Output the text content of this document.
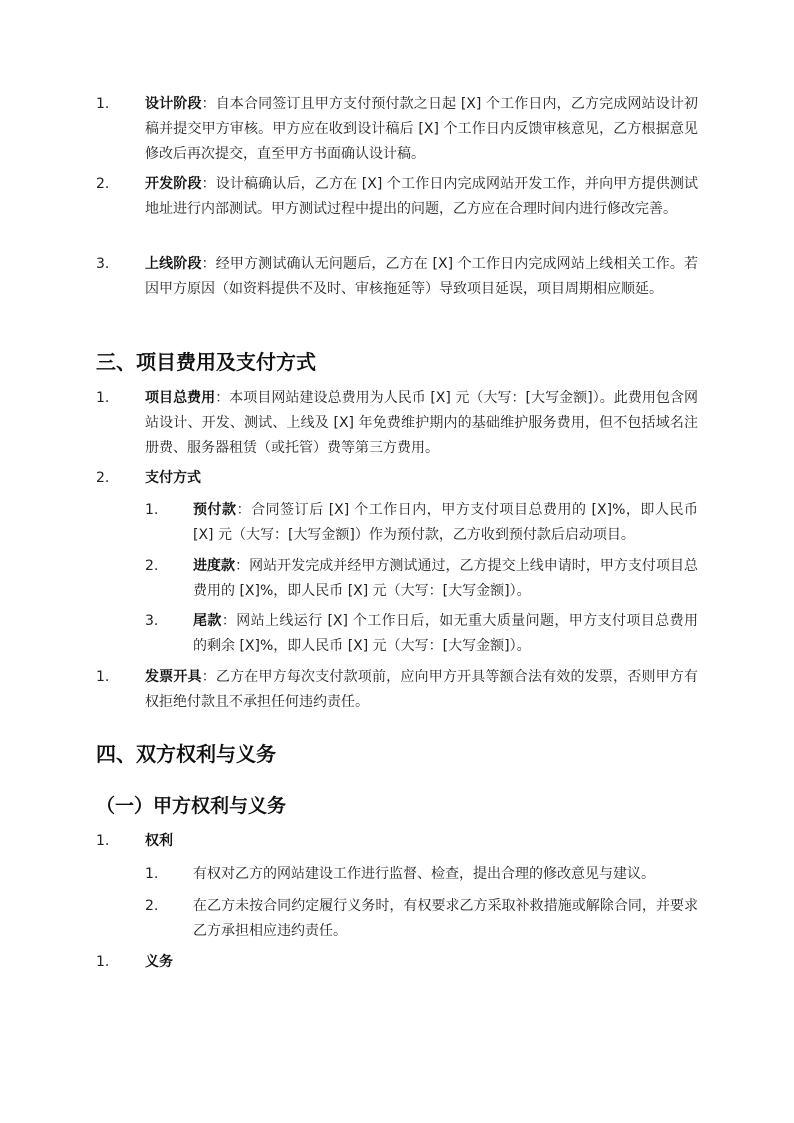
1.	设计阶段：自本合同签订且甲方支付预付款之日起 [X] 个工作日内，乙方完成网站设计初稿并提交甲方审核。甲方应在收到设计稿后 [X] 个工作日内反馈审核意见，乙方根据意见修改后再次提交，直至甲方书面确认设计稿。
2.	开发阶段：设计稿确认后，乙方在 [X] 个工作日内完成网站开发工作，并向甲方提供测试地址进行内部测试。甲方测试过程中提出的问题，乙方应在合理时间内进行修改完善。
3.	上线阶段：经甲方测试确认无问题后，乙方在 [X] 个工作日内完成网站上线相关工作。若因甲方原因（如资料提供不及时、审核拖延等）导致项目延误，项目周期相应顺延。
三、项目费用及支付方式
1.	项目总费用：本项目网站建设总费用为人民币 [X] 元（大写：[大写金额]）。此费用包含网站设计、开发、测试、上线及 [X] 年免费维护期内的基础维护服务费用，但不包括域名注册费、服务器租赁（或托管）费等第三方费用。
2.	支付方式
1. 预付款：合同签订后 [X] 个工作日内，甲方支付项目总费用的 [X]%，即人民币 [X] 元（大写：[大写金额]）作为预付款，乙方收到预付款后启动项目。
2. 进度款：网站开发完成并经甲方测试通过，乙方提交上线申请时，甲方支付项目总费用的 [X]%，即人民币 [X] 元（大写：[大写金额]）。
3. 尾款：网站上线运行 [X] 个工作日后，如无重大质量问题，甲方支付项目总费用的剩余 [X]%，即人民币 [X] 元（大写：[大写金额]）。
1.	发票开具：乙方在甲方每次支付款项前，应向甲方开具等额合法有效的发票，否则甲方有权拒绝付款且不承担任何违约责任。
四、双方权利与义务
（一）甲方权利与义务
1.	权利
1. 有权对乙方的网站建设工作进行监督、检查，提出合理的修改意见与建议。
2. 在乙方未按合同约定履行义务时，有权要求乙方采取补救措施或解除合同，并要求乙方承担相应违约责任。
1.	义务
